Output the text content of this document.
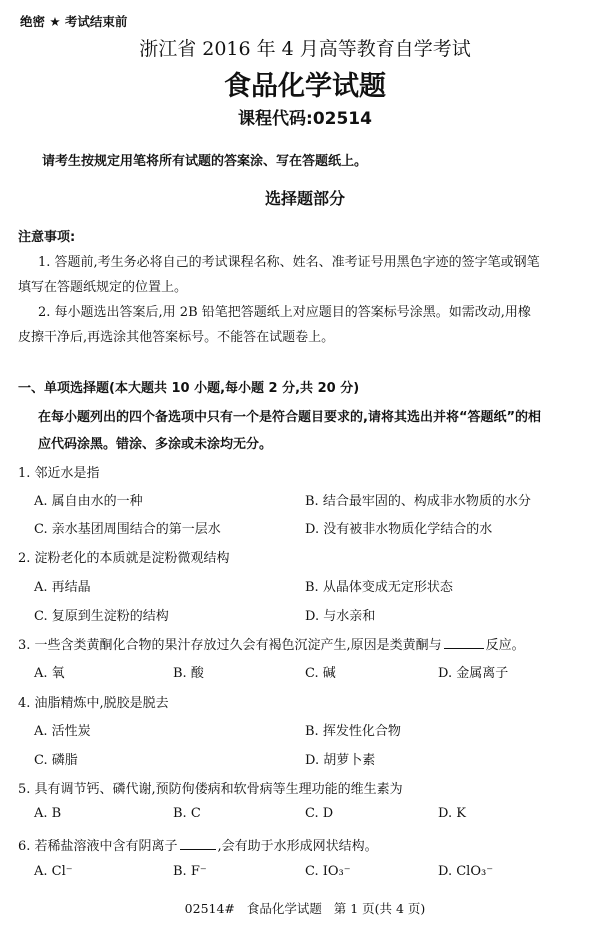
绝密 ★ 考试结束前
浙江省 2016 年 4 月高等教育自学考试
食品化学试题
课程代码:02514
请考生按规定用笔将所有试题的答案涂、写在答题纸上。
选择题部分
注意事项:
1. 答题前,考生务必将自己的考试课程名称、姓名、准考证号用黑色字迹的签字笔或钢笔
填写在答题纸规定的位置上。
2. 每小题选出答案后,用 2B 铅笔把答题纸上对应题目的答案标号涂黑。如需改动,用橡
皮擦干净后,再选涂其他答案标号。不能答在试题卷上。
一、单项选择题(本大题共 10 小题,每小题 2 分,共 20 分)
在每小题列出的四个备选项中只有一个是符合题目要求的,请将其选出并将“答题纸”的相
应代码涂黑。错涂、多涂或未涂均无分。
1. 邻近水是指
A. 属自由水的一种	B. 结合最牢固的、构成非水物质的水分
C. 亲水基团周围结合的第一层水	D. 没有被非水物质化学结合的水
2. 淀粉老化的本质就是淀粉微观结构
A. 再结晶	B. 从晶体变成无定形状态
C. 复原到生淀粉的结构	D. 与水亲和
3. 一些含类黄酮化合物的果汁存放过久会有褐色沉淀产生,原因是类黄酮与	反应。
A. 氧	B. 酸	C. 碱	D. 金属离子
4. 油脂精炼中,脱胶是脱去
A. 活性炭	B. 挥发性化合物
C. 磷脂	D. 胡萝卜素
5. 具有调节钙、磷代谢,预防佝偻病和软骨病等生理功能的维生素为
A. B	B. C	C. D	D. K
6. 若稀盐溶液中含有阴离子	,会有助于水形成网状结构。
A. Cl⁻	B. F⁻	C. IO₃⁻	D. ClO₃⁻
02514#   食品化学试题   第 1 页(共 4 页)
